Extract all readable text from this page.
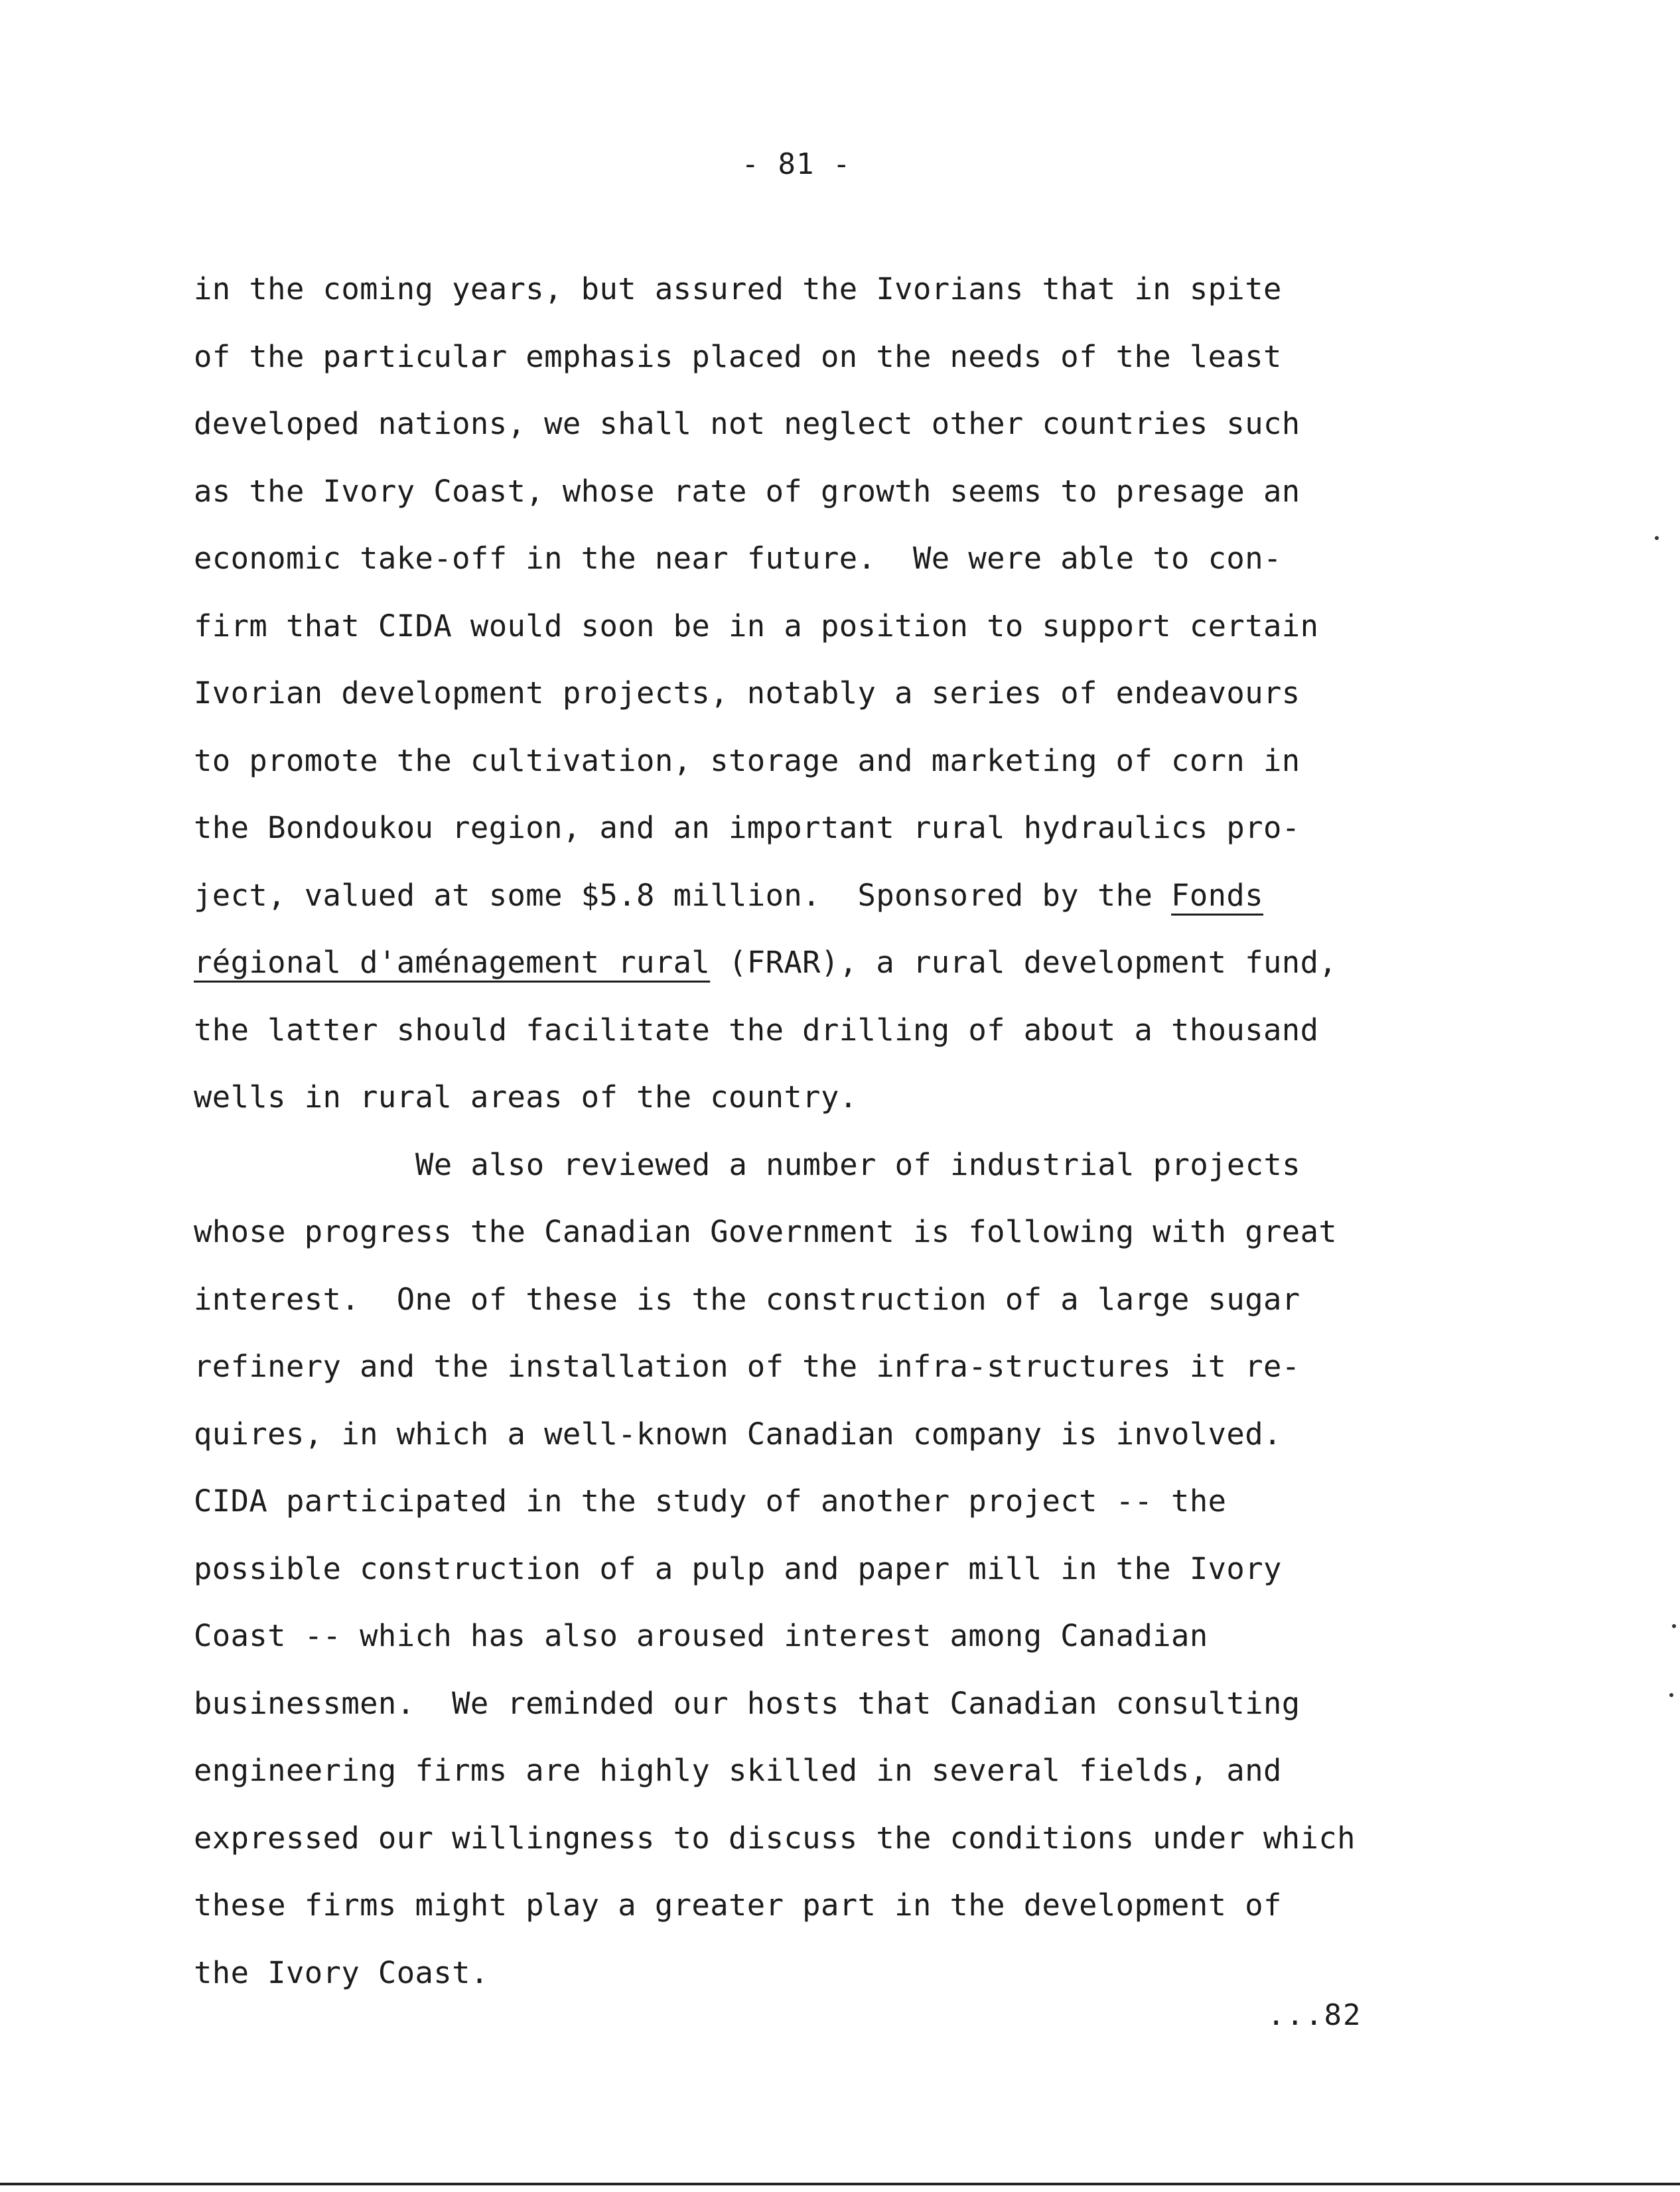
- 81 -
in the coming years, but assured the Ivorians that in spite
of the particular emphasis placed on the needs of the least
developed nations, we shall not neglect other countries such
as the Ivory Coast, whose rate of growth seems to presage an
economic take-off in the near future.  We were able to con-
firm that CIDA would soon be in a position to support certain
Ivorian development projects, notably a series of endeavours
to promote the cultivation, storage and marketing of corn in
the Bondoukou region, and an important rural hydraulics pro-
ject, valued at some $5.8 million.  Sponsored by the Fonds
régional d'aménagement rural (FRAR), a rural development fund,
the latter should facilitate the drilling of about a thousand
wells in rural areas of the country.
We also reviewed a number of industrial projects
whose progress the Canadian Government is following with great
interest.  One of these is the construction of a large sugar
refinery and the installation of the infra-structures it re-
quires, in which a well-known Canadian company is involved.
CIDA participated in the study of another project -- the
possible construction of a pulp and paper mill in the Ivory
Coast -- which has also aroused interest among Canadian
businessmen.  We reminded our hosts that Canadian consulting
engineering firms are highly skilled in several fields, and
expressed our willingness to discuss the conditions under which
these firms might play a greater part in the development of
the Ivory Coast.
...82
